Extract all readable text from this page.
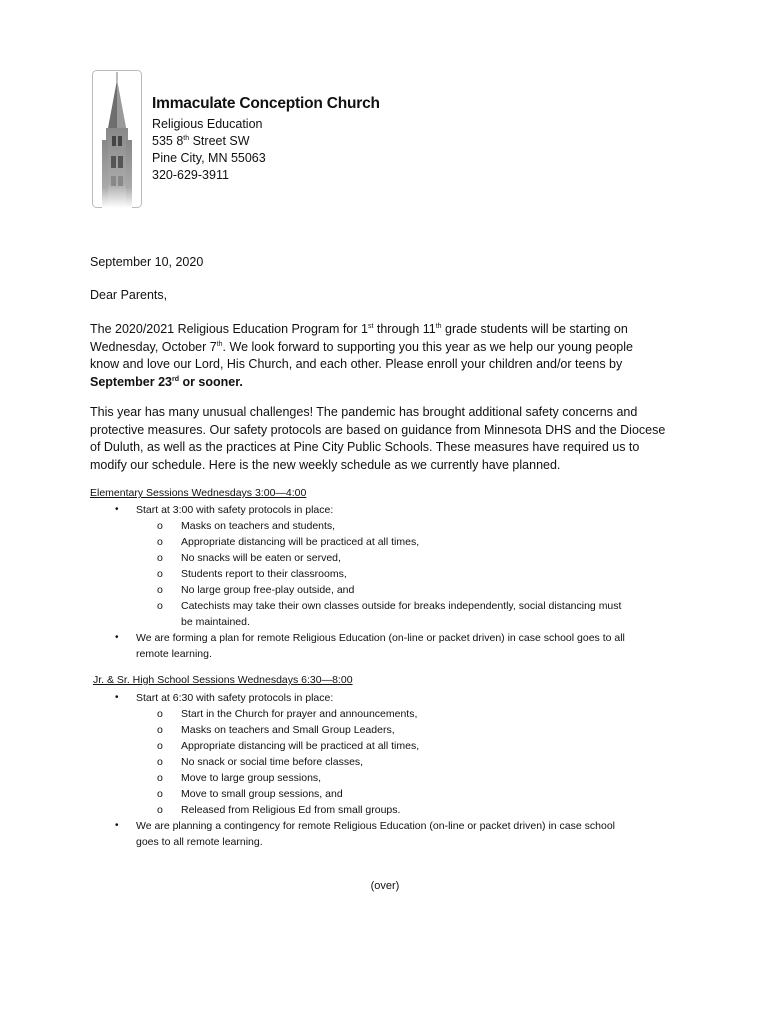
Immaculate Conception Church
Religious Education
535 8th Street SW
Pine City, MN 55063
320-629-3911
September 10, 2020
Dear Parents,
The 2020/2021 Religious Education Program for 1st through 11th grade students will be starting on
Wednesday, October 7th. We look forward to supporting you this year as we help our young people
know and love our Lord, His Church, and each other. Please enroll your children and/or teens by
September 23rd or sooner.
This year has many unusual challenges! The pandemic has brought additional safety concerns and
protective measures. Our safety protocols are based on guidance from Minnesota DHS and the Diocese
of Duluth, as well as the practices at Pine City Public Schools. These measures have required us to
modify our schedule. Here is the new weekly schedule as we currently have planned.
Elementary Sessions Wednesdays 3:00—4:00
• Start at 3:00 with safety protocols in place:
o Masks on teachers and students,
o Appropriate distancing will be practiced at all times,
o No snacks will be eaten or served,
o Students report to their classrooms,
o No large group free-play outside, and
o Catechists may take their own classes outside for breaks independently, social distancing must
be maintained.
• We are forming a plan for remote Religious Education (on-line or packet driven) in case school goes to all
remote learning.
Jr. & Sr. High School Sessions Wednesdays 6:30—8:00
• Start at 6:30 with safety protocols in place:
o Start in the Church for prayer and announcements,
o Masks on teachers and Small Group Leaders,
o Appropriate distancing will be practiced at all times,
o No snack or social time before classes,
o Move to large group sessions,
o Move to small group sessions, and
o Released from Religious Ed from small groups.
• We are planning a contingency for remote Religious Education (on-line or packet driven) in case school
goes to all remote learning.
(over)
